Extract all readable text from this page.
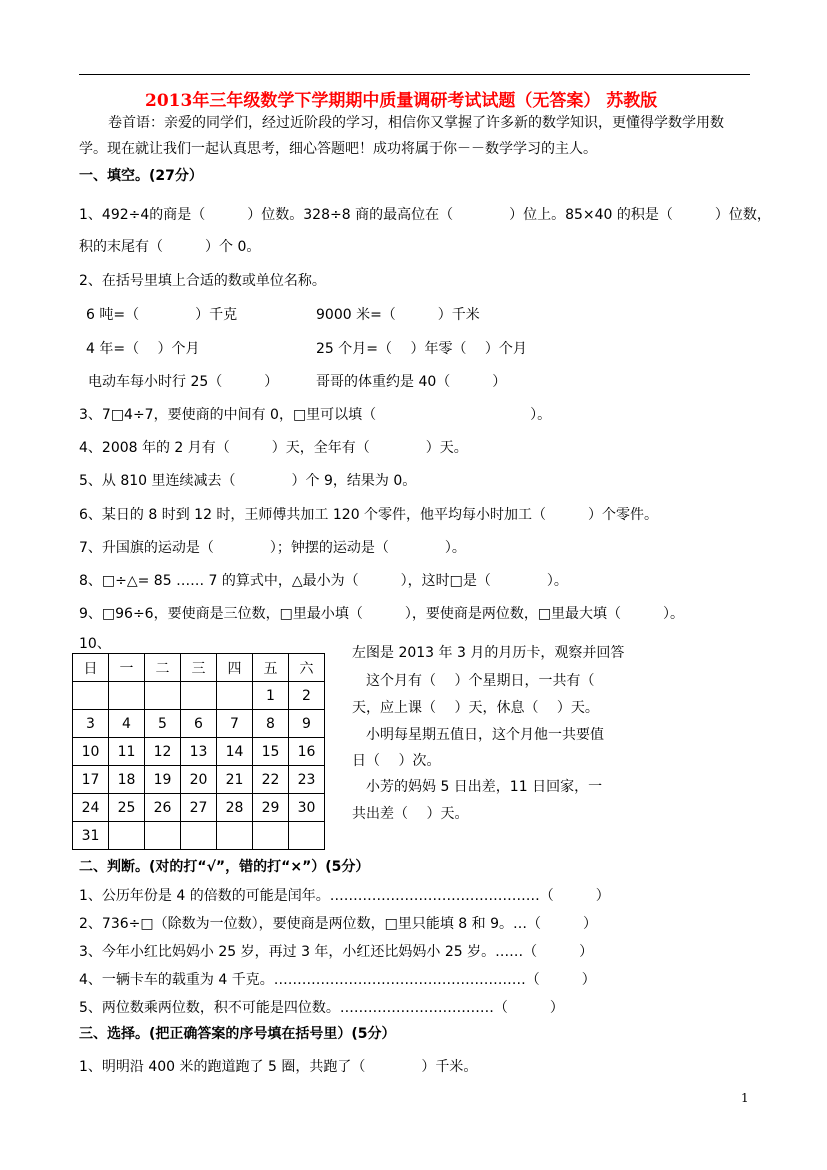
2013年三年级数学下学期期中质量调研考试试题（无答案） 苏教版
卷首语：亲爱的同学们，经过近阶段的学习，相信你又掌握了许多新的数学知识，更懂得学数学用数
学。现在就让我们一起认真思考，细心答题吧！成功将属于你－－数学学习的主人。
一、填空。(27分）
1、492÷4的商是（　　　）位数。328÷8 商的最高位在（　　　　）位上。85×40 的积是（　　　）位数，
积的末尾有（　　　）个 0。
2、在括号里填上合适的数或单位名称。
6 吨=（　　　　）千克	9000 米=（　　　）千米
4 年=（　 ）个月	25 个月=（　 ）年零（　 ）个月
电动车每小时行 25（　　　）	哥哥的体重约是 40（　　　）
3、7□4÷7，要使商的中间有 0，□里可以填（　　　　　　　　　　　）。
4、2008 年的 2 月有（　　　）天，全年有（　　　　）天。
5、从 810 里连续减去（　　　　）个 9，结果为 0。
6、某日的 8 时到 12 时，王师傅共加工 120 个零件，他平均每小时加工（　　　）个零件。
7、升国旗的运动是（　　　　）；钟摆的运动是（　　　　）。
8、□÷△= 85 …… 7 的算式中，△最小为（　　　），这时□是（　　　　）。
9、□96÷6，要使商是三位数，□里最小填（　　　），要使商是两位数，□里最大填（　　　）。
10、
日	一	二	三	四	五	六
					1	2
3	4	5	6	7	8	9
10	11	12	13	14	15	16
17	18	19	20	21	22	23
24	25	26	27	28	29	30
31						
左图是 2013 年 3 月的月历卡，观察并回答
　这个月有（　 ）个星期日，一共有（
天，应上课（　 ）天，休息（　 ）天。
　小明每星期五值日，这个月他一共要值
日（　 ）次。
　小芳的妈妈 5 日出差，11 日回家，一
共出差（　 ）天。
二、判断。(对的打“√”，错的打“×”）(5分）
1、公历年份是 4 的倍数的可能是闰年。………………………………………（　　　）
2、736÷□（除数为一位数），要使商是两位数，□里只能填 8 和 9。…（　　　）
3、今年小红比妈妈小 25 岁，再过 3 年，小红还比妈妈小 25 岁。……（　　　）
4、一辆卡车的载重为 4 千克。………………………………………………（　　　）
5、两位数乘两位数，积不可能是四位数。……………………………（　　　）
三、选择。(把正确答案的序号填在括号里）(5分）
1、明明沿 400 米的跑道跑了 5 圈，共跑了（　　　　）千米。
1
